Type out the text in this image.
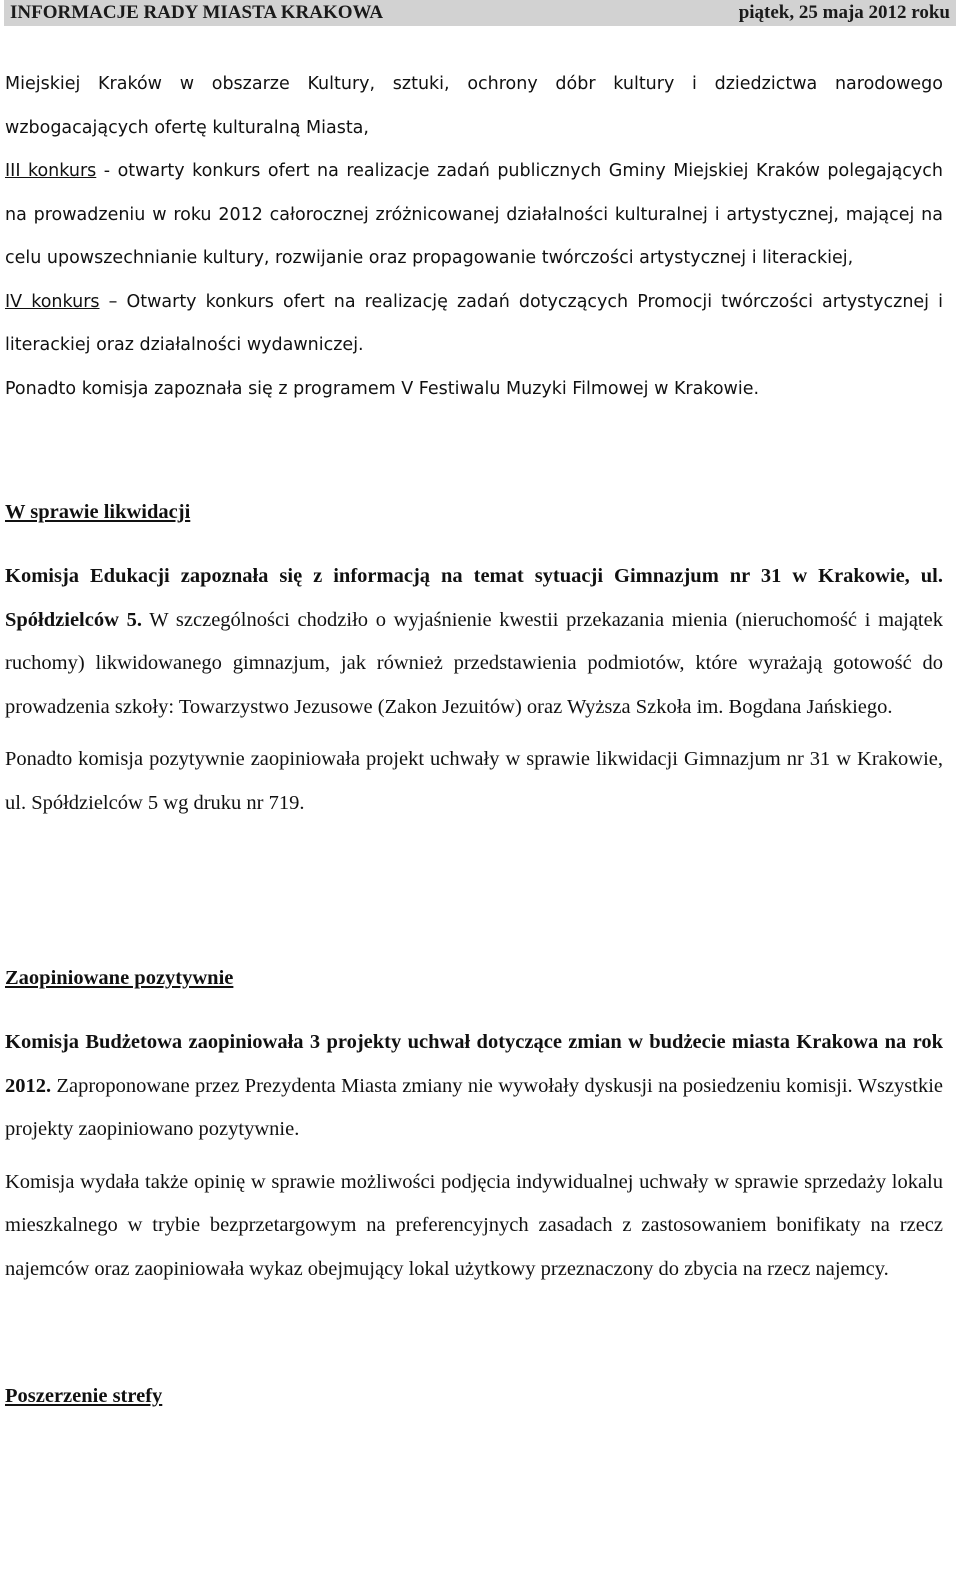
INFORMACJE RADY MIASTA KRAKOWA	piątek, 25 maja 2012 roku

Miejskiej Kraków w obszarze Kultury, sztuki, ochrony dóbr kultury i dziedzictwa narodowego wzbogacających ofertę kulturalną Miasta,

III konkurs - otwarty konkurs ofert na realizacje zadań publicznych Gminy Miejskiej Kraków polegających na prowadzeniu w roku 2012 całorocznej zróżnicowanej działalności kulturalnej i artystycznej, mającej na celu upowszechnianie kultury, rozwijanie oraz propagowanie twórczości artystycznej i literackiej,

IV konkurs – Otwarty konkurs ofert na realizację zadań dotyczących Promocji twórczości artystycznej i literackiej oraz działalności wydawniczej.

Ponadto komisja zapoznała się z programem V Festiwalu Muzyki Filmowej w Krakowie.

W sprawie likwidacji

Komisja Edukacji zapoznała się z informacją na temat sytuacji Gimnazjum nr 31 w Krakowie, ul. Spółdzielców 5. W szczególności chodziło o wyjaśnienie kwestii przekazania mienia (nieruchomość i majątek ruchomy) likwidowanego gimnazjum, jak również przedstawienia podmiotów, które wyrażają gotowość do prowadzenia szkoły: Towarzystwo Jezusowe (Zakon Jezuitów) oraz Wyższa Szkoła im. Bogdana Jańskiego.

Ponadto komisja pozytywnie zaopiniowała projekt uchwały w sprawie likwidacji Gimnazjum nr 31 w Krakowie, ul. Spółdzielców 5 wg druku nr 719.

Zaopiniowane pozytywnie

Komisja Budżetowa zaopiniowała 3 projekty uchwał dotyczące zmian w budżecie miasta Krakowa na rok 2012. Zaproponowane przez Prezydenta Miasta zmiany nie wywołały dyskusji na posiedzeniu komisji. Wszystkie projekty zaopiniowano pozytywnie.

Komisja wydała także opinię w sprawie możliwości podjęcia indywidualnej uchwały w sprawie sprzedaży lokalu mieszkalnego w trybie bezprzetargowym na preferencyjnych zasadach z zastosowaniem bonifikaty na rzecz najemców oraz zaopiniowała wykaz obejmujący lokal użytkowy przeznaczony do zbycia na rzecz najemcy.

Poszerzenie strefy
